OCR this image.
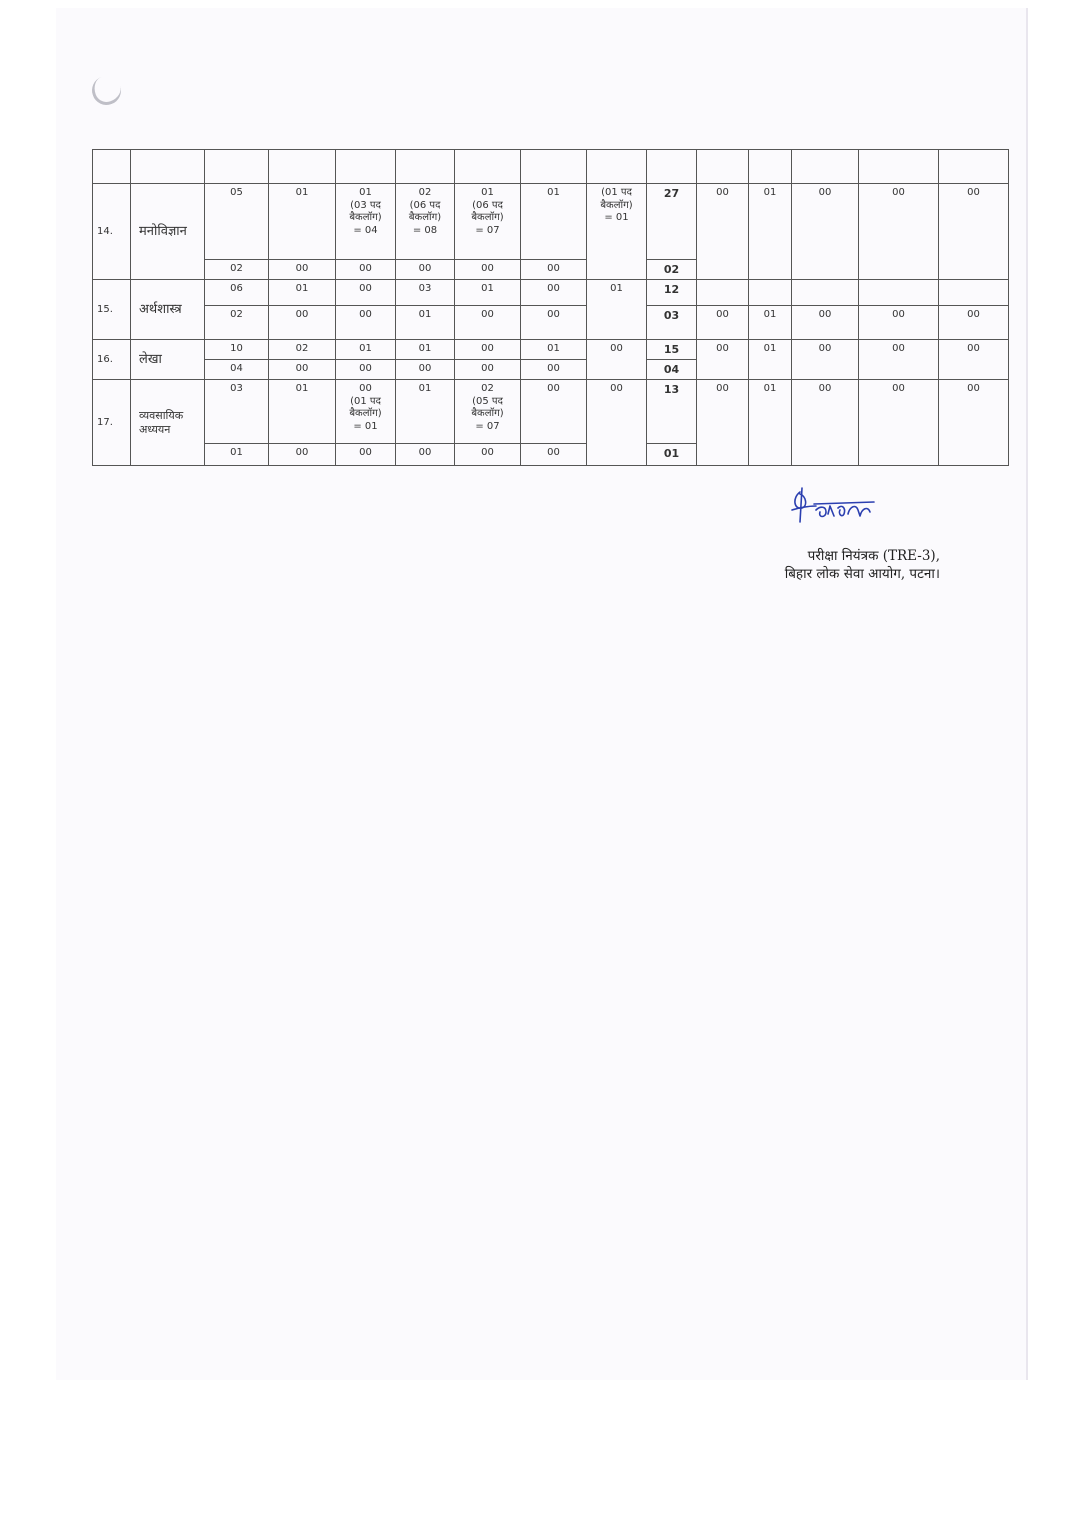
14.	मनोविज्ञान	05	01	01
(03 पद
बैकलॉग)
= 04	02
(06 पद
बैकलॉग)
= 08	01
(06 पद
बैकलॉग)
= 07	01	(01 पद
बैकलॉग)
= 01	27	00	01	00	00	00
		02	00	00	00	00	00		02					
15.	अर्थशास्त्र	06	01	00	03	01	00	01	12					
		02	00	00	01	00	00		03	00	01	00	00	00
16.	लेखा	10	02	01	01	00	01	00	15	00	01	00	00	00
		04	00	00	00	00	00		04					
17.	व्यवसायिक
अध्ययन	03	01	00
(01 पद
बैकलॉग)
= 01	01	02
(05 पद
बैकलॉग)
= 07	00	00	13	00	01	00	00	00
		01	00	00	00	00	00		01					
परीक्षा नियंत्रक (TRE-3),
बिहार लोक सेवा आयोग, पटना।
